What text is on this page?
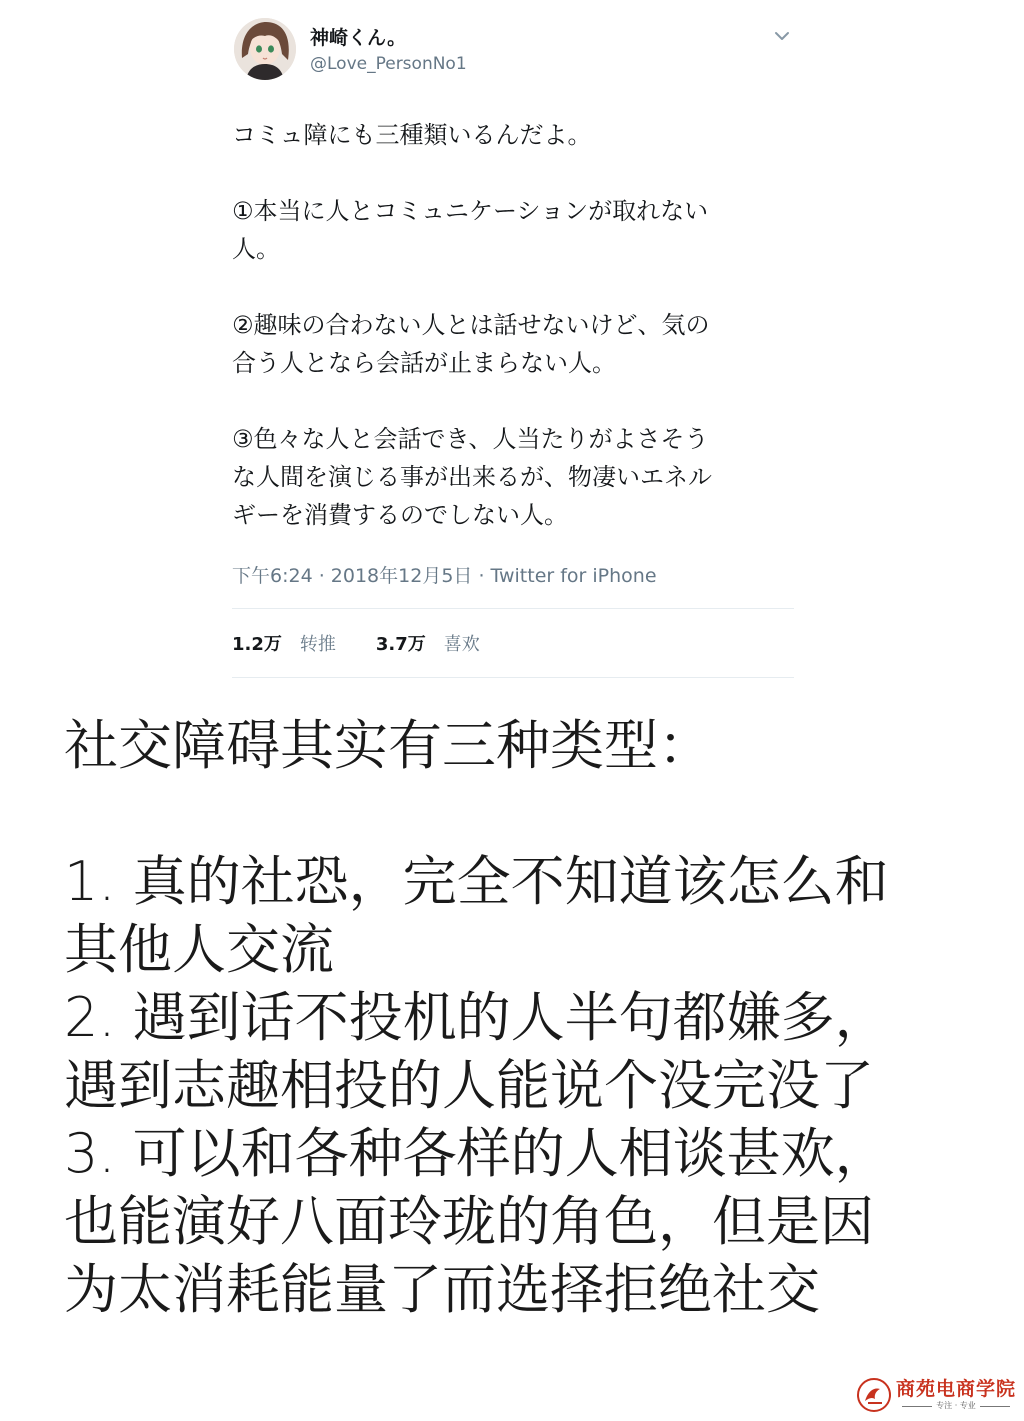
神崎くん。
@Love_PersonNo1

コミュ障にも三種類いるんだよ。

①本当に人とコミュニケーションが取れない
人。

②趣味の合わない人とは話せないけど、気の
合う人となら会話が止まらない人。

③色々な人と会話でき、人当たりがよさそう
な人間を演じる事が出来るが、物凄いエネル
ギーを消費するのでしない人。

下午6:24 · 2018年12月5日 · Twitter for iPhone
1.2万 转推 3.7万 喜欢
社交障碍其实有三种类型：
1. 真的社恐，完全不知道该怎么和
其他人交流
2. 遇到话不投机的人半句都嫌多，
遇到志趣相投的人能说个没完没了
3. 可以和各种各样的人相谈甚欢，
也能演好八面玲珑的角色，但是因
为太消耗能量了而选择拒绝社交
商苑电商学院
专注 · 专业
